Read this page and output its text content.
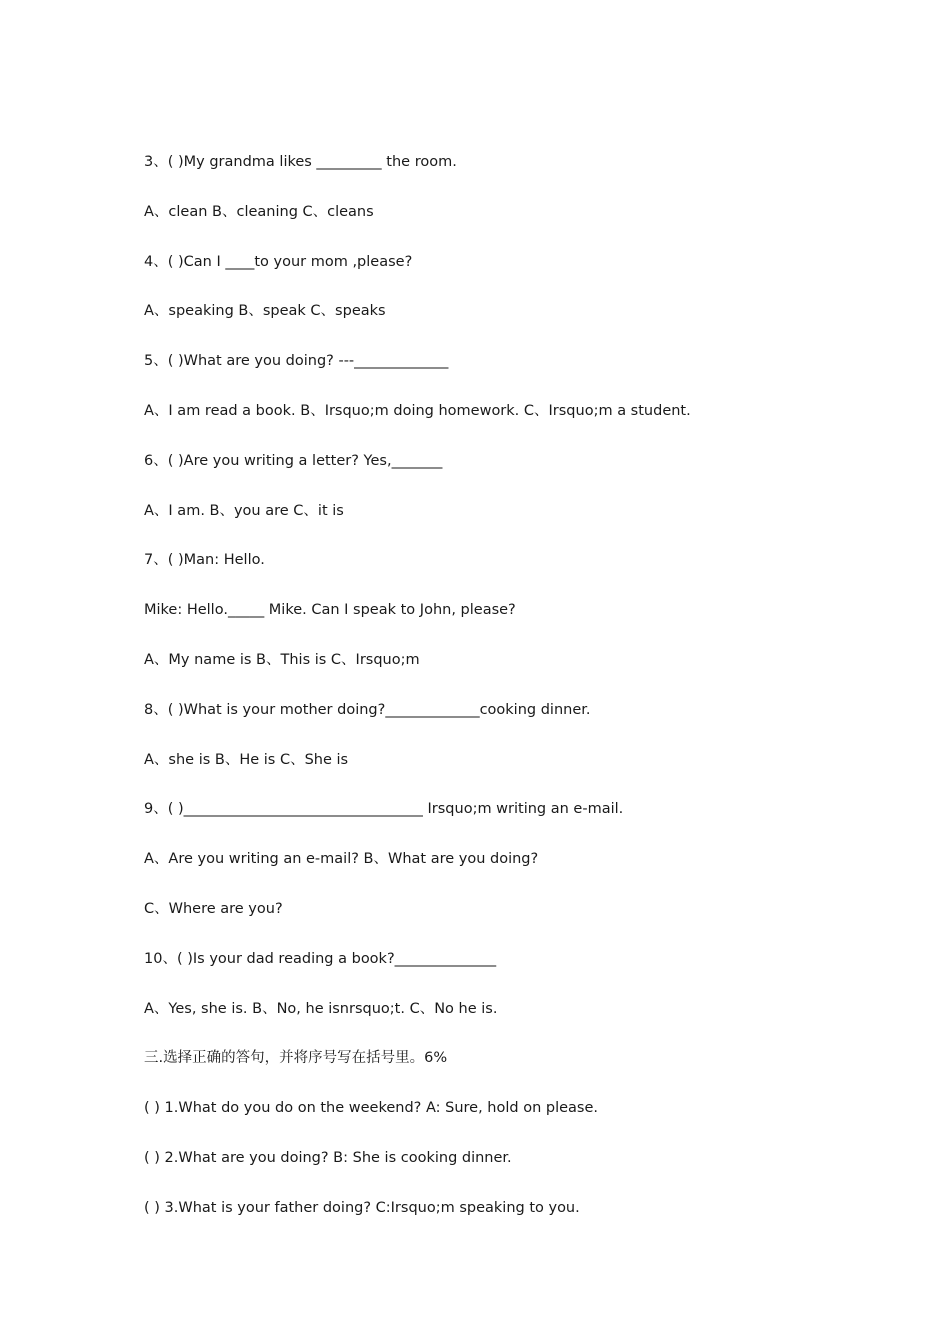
3、( )My grandma likes _________ the room.
A、clean B、cleaning C、cleans
4、( )Can I ____to your mom ,please?
A、speaking B、speak C、speaks
5、( )What are you doing? ---_____________
A、I am read a book. B、Irsquo;m doing homework. C、Irsquo;m a student.
6、( )Are you writing a letter? Yes,_______
A、I am. B、you are C、it is
7、( )Man: Hello.
Mike: Hello._____ Mike. Can I speak to John, please?
A、My name is B、This is C、Irsquo;m
8、( )What is your mother doing?_____________cooking dinner.
A、she is B、He is C、She is
9、( )_________________________________ Irsquo;m writing an e-mail.
A、Are you writing an e-mail? B、What are you doing?
C、Where are you?
10、( )Is your dad reading a book?______________
A、Yes, she is. B、No, he isnrsquo;t. C、No he is.
三.选择正确的答句，并将序号写在括号里。6%
( ) 1.What do you do on the weekend? A: Sure, hold on please.
( ) 2.What are you doing? B: She is cooking dinner.
( ) 3.What is your father doing? C:Irsquo;m speaking to you.
